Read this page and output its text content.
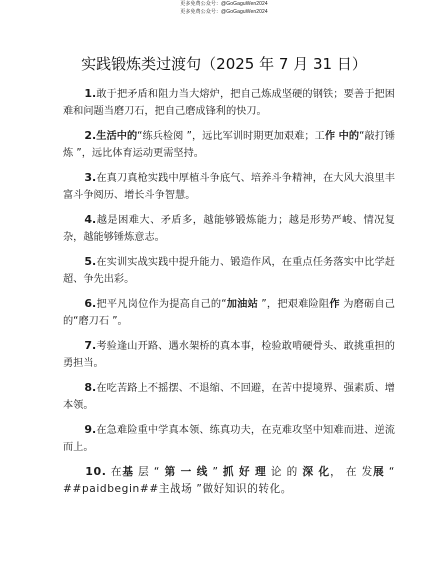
更多免费公众号：@GoGaguWen2024
更多免费公众号：@GoGaguWen2024
实践锻炼类过渡句（2025 年 7 月 31 日）

1.敢于把矛盾和阻力当大熔炉，把自己炼成坚硬的钢铁；要善于把困难和问题当磨刀石，把自己磨成锋利的快刀。

2.生活中的“练兵检阅 ”，远比军训时期更加艰难；工作 中的“敲打锤炼 ”，远比体育运动更需坚持。

3.在真刀真枪实践中厚植斗争底气、培养斗争精神，在大风大浪里丰富斗争阅历、增长斗争智慧。

4.越是困难大、矛盾多，越能够锻炼能力；越是形势严峻、情况复杂，越能够锤炼意志。

5.在实训实战实践中提升能力、锻造作风，在重点任务落实中比学赶超、争先出彩。

6.把平凡岗位作为提高自己的“加油站 ”，把艰难险阻作 为磨砺自己的“磨刀石 ”。

7.考验逢山开路、遇水架桥的真本事，检验敢啃硬骨头、敢挑重担的勇担当。

8.在吃苦路上不摇摆、不退缩、不回避，在苦中提境界、强素质、增本领。

9.在急难险重中学真本领、练真功夫，在克难攻坚中知难而进、逆流而上。

10. 在基 层 “ 第 一 线 ” 抓 好 理 论 的 深 化， 在 发展 “ ##paidbegin##主战场 ”做好知识的转化。
